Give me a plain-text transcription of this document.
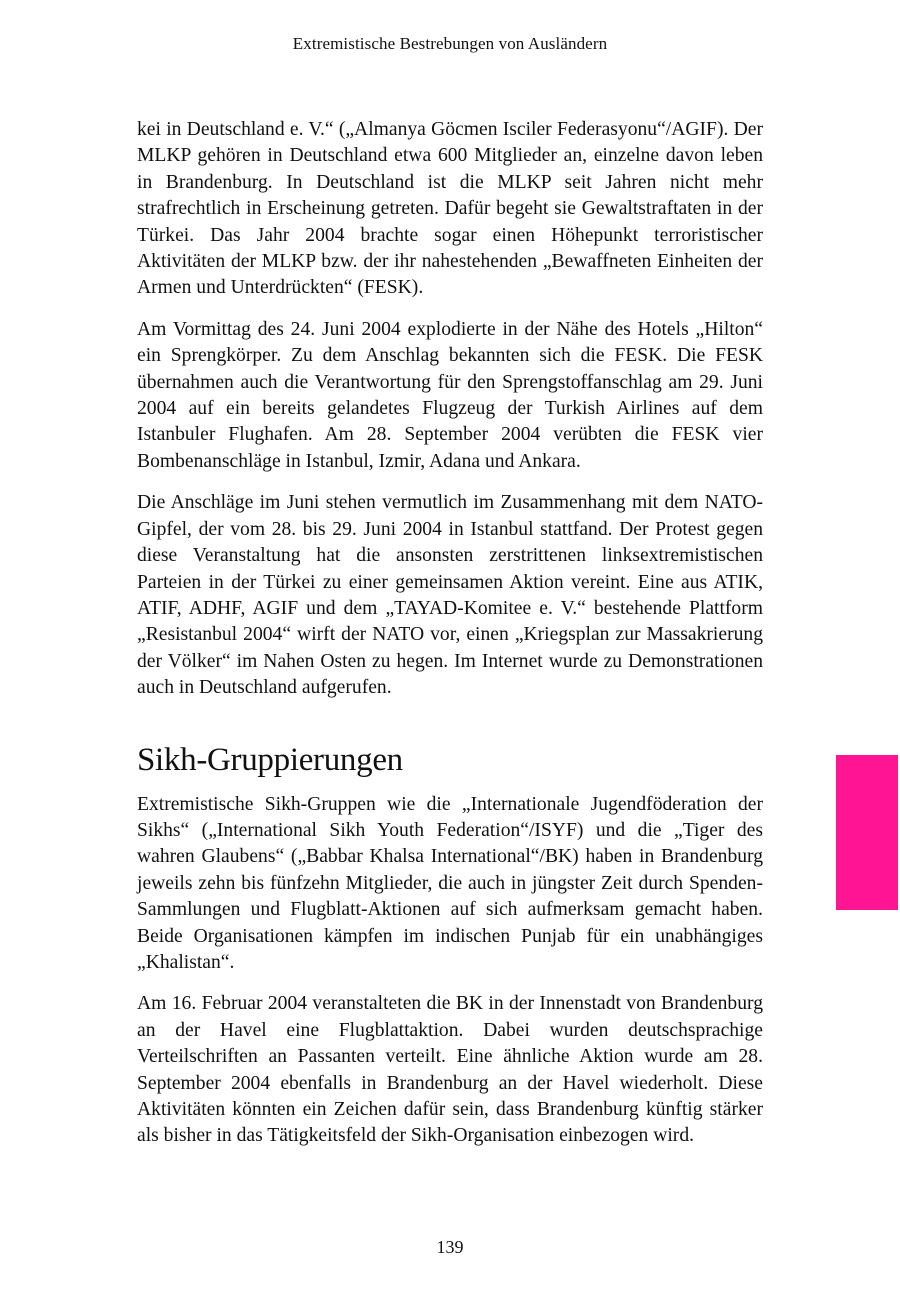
Extremistische Bestrebungen von Ausländern

kei in Deutschland e. V.“ („Almanya Göcmen Isciler Federasyonu“/AGIF). Der MLKP gehören in Deutschland etwa 600 Mitglieder an, einzelne davon leben in Brandenburg. In Deutschland ist die MLKP seit Jahren nicht mehr strafrechtlich in Erscheinung getreten. Dafür begeht sie Gewaltstraftaten in der Türkei. Das Jahr 2004 brachte sogar einen Höhepunkt terroristischer Aktivitäten der MLKP bzw. der ihr nahestehenden „Bewaffneten Einheiten der Armen und Unterdrückten“ (FESK).

Am Vormittag des 24. Juni 2004 explodierte in der Nähe des Hotels „Hilton“ ein Sprengkörper. Zu dem Anschlag bekannten sich die FESK. Die FESK übernahmen auch die Verantwortung für den Sprengstoffanschlag am 29. Juni 2004 auf ein bereits gelandetes Flugzeug der Turkish Airlines auf dem Istanbuler Flughafen. Am 28. September 2004 verübten die FESK vier Bombenanschläge in Istanbul, Izmir, Adana und Ankara.

Die Anschläge im Juni stehen vermutlich im Zusammenhang mit dem NATO-Gipfel, der vom 28. bis 29. Juni 2004 in Istanbul stattfand. Der Protest gegen diese Veranstaltung hat die ansonsten zerstrittenen linksextremistischen Parteien in der Türkei zu einer gemeinsamen Aktion vereint. Eine aus ATIK, ATIF, ADHF, AGIF und dem „TAYAD-Komitee e. V.“ bestehende Plattform „Resistanbul 2004“ wirft der NATO vor, einen „Kriegsplan zur Massakrierung der Völker“ im Nahen Osten zu hegen. Im Internet wurde zu Demonstrationen auch in Deutschland aufgerufen.

Sikh-Gruppierungen

Extremistische Sikh-Gruppen wie die „Internationale Jugendföderation der Sikhs“ („International Sikh Youth Federation“/ISYF) und die „Tiger des wahren Glaubens“ („Babbar Khalsa International“/BK) haben in Brandenburg jeweils zehn bis fünfzehn Mitglieder, die auch in jüngster Zeit durch Spenden-Sammlungen und Flugblatt-Aktionen auf sich aufmerksam gemacht haben. Beide Organisationen kämpfen im indischen Punjab für ein unabhängiges „Khalistan“.

Am 16. Februar 2004 veranstalteten die BK in der Innenstadt von Brandenburg an der Havel eine Flugblattaktion. Dabei wurden deutschsprachige Verteilschriften an Passanten verteilt. Eine ähnliche Aktion wurde am 28. September 2004 ebenfalls in Brandenburg an der Havel wiederholt. Diese Aktivitäten könnten ein Zeichen dafür sein, dass Brandenburg künftig stärker als bisher in das Tätigkeitsfeld der Sikh-Organisation einbezogen wird.

139
